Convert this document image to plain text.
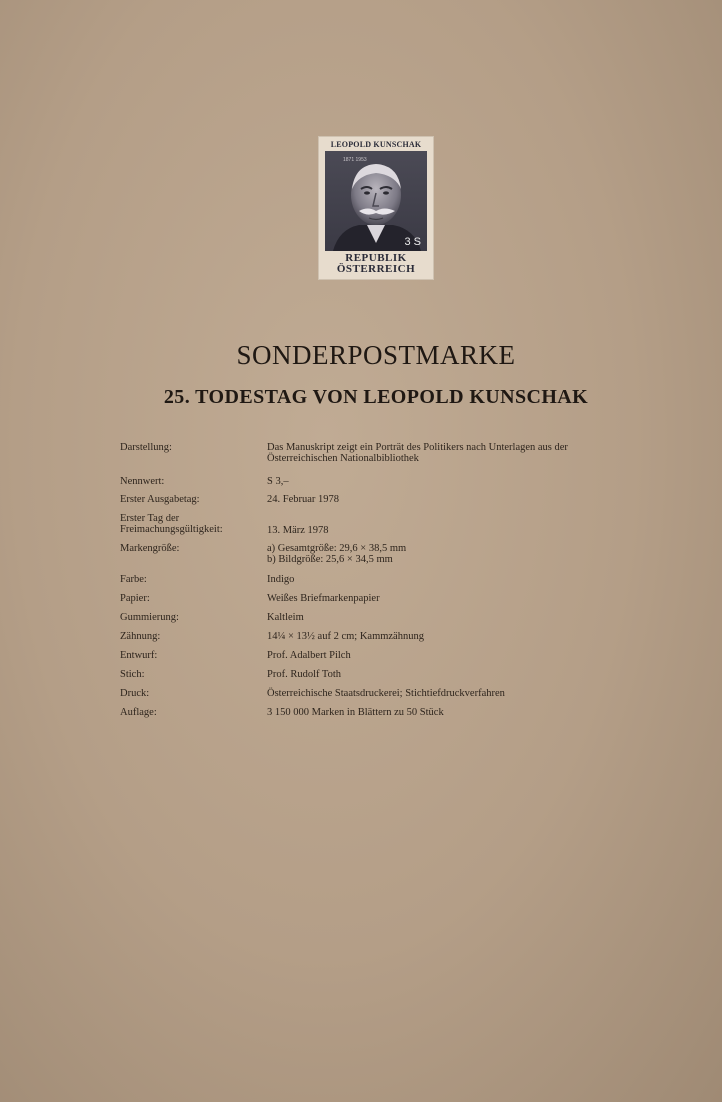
LEOPOLD KUNSCHAK
1871 1953
3 S
REPUBLIK ÖSTERREICH
SONDERPOSTMARKE
25. TODESTAG VON LEOPOLD KUNSCHAK
Darstellung:	Das Manuskript zeigt ein Porträt des Politikers nach Unterlagen aus der Österreichischen Nationalbibliothek
Nennwert:	S 3,–
Erster Ausgabetag:	24. Februar 1978
Erster Tag der Freimachungsgültigkeit:	13. März 1978
Markengröße:	a) Gesamtgröße: 29,6 × 38,5 mm
b) Bildgröße: 25,6 × 34,5 mm
Farbe:	Indigo
Papier:	Weißes Briefmarkenpapier
Gummierung:	Kaltleim
Zähnung:	14¼ × 13½ auf 2 cm; Kammzähnung
Entwurf:	Prof. Adalbert Pilch
Stich:	Prof. Rudolf Toth
Druck:	Österreichische Staatsdruckerei; Stichtiefdruckverfahren
Auflage:	3 150 000 Marken in Blättern zu 50 Stück
